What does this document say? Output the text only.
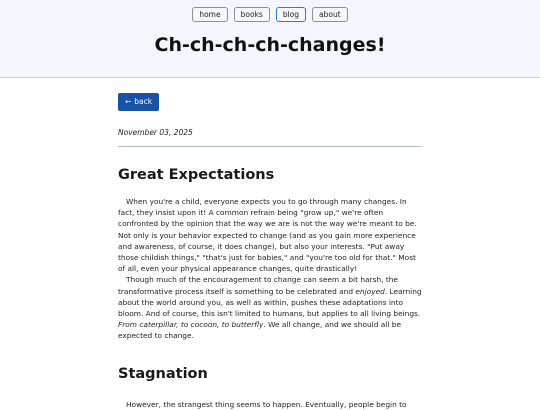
home	books	blog	about
Ch-ch-ch-ch-changes!
← back
November 03, 2025
Great Expectations

When you're a child, everyone expects you to go through many changes. In fact, they insist upon it! A common refrain being "grow up," we're often confronted by the opinion that the way we are is not the way we're meant to be. Not only is your behavior expected to change (and as you gain more experience and awareness, of course, it does change), but also your interests. "Put away those childish things," "that's just for babies," and "you're too old for that." Most of all, even your physical appearance changes, quite drastically!

Though much of the encouragement to change can seem a bit harsh, the transformative process itself is something to be celebrated and enjoyed. Learning about the world around you, as well as within, pushes these adaptations into bloom. And of course, this isn't limited to humans, but applies to all living beings. From caterpillar, to cocoon, to butterfly. We all change, and we should all be expected to change.

Stagnation

However, the strangest thing seems to happen. Eventually, people begin to
